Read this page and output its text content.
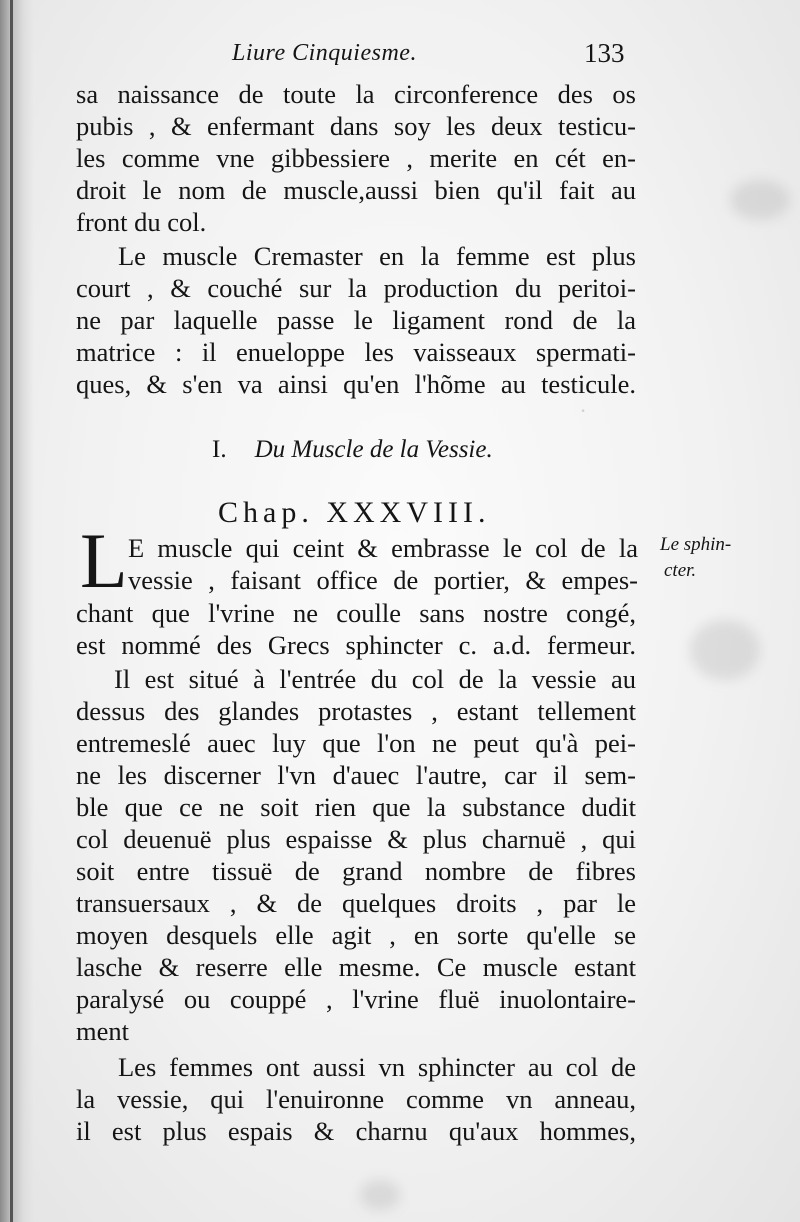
Liure Cinquiesme.	133
sa naissance de toute la circonference des os
pubis , & enfermant dans soy les deux testicu-
les comme vne gibbessiere , merite en cét en-
droit le nom de muscle,aussi bien qu'il fait au
front du col.
Le muscle Cremaster en la femme est plus
court , & couché sur la production du peritoi-
ne par laquelle passe le ligament rond de la
matrice : il enueloppe les vaisseaux spermati-
ques, & s'en va ainsi qu'en l'hõme au testicule.
·
I. Du Muscle de la Vessie.
Chap. XXXVIII.
L E muscle qui ceint & embrasse le col de la
vessie , faisant office de portier, & empes-
Le sphin-
cter.
chant que l'vrine ne coulle sans nostre congé,
est nommé des Grecs sphincter c. a.d. fermeur.
Il est situé à l'entrée du col de la vessie au
dessus des glandes protastes , estant tellement
entremeslé auec luy que l'on ne peut qu'à pei-
ne les discerner l'vn d'auec l'autre, car il sem-
ble que ce ne soit rien que la substance dudit
col deuenuë plus espaisse & plus charnuë , qui
soit entre tissuë de grand nombre de fibres
transuersaux , & de quelques droits , par le
moyen desquels elle agit , en sorte qu'elle se
lasche & reserre elle mesme. Ce muscle estant
paralysé ou couppé , l'vrine fluë inuolontaire-
ment
Les femmes ont aussi vn sphincter au col de
la vessie, qui l'enuironne comme vn anneau,
il est plus espais & charnu qu'aux hommes,
